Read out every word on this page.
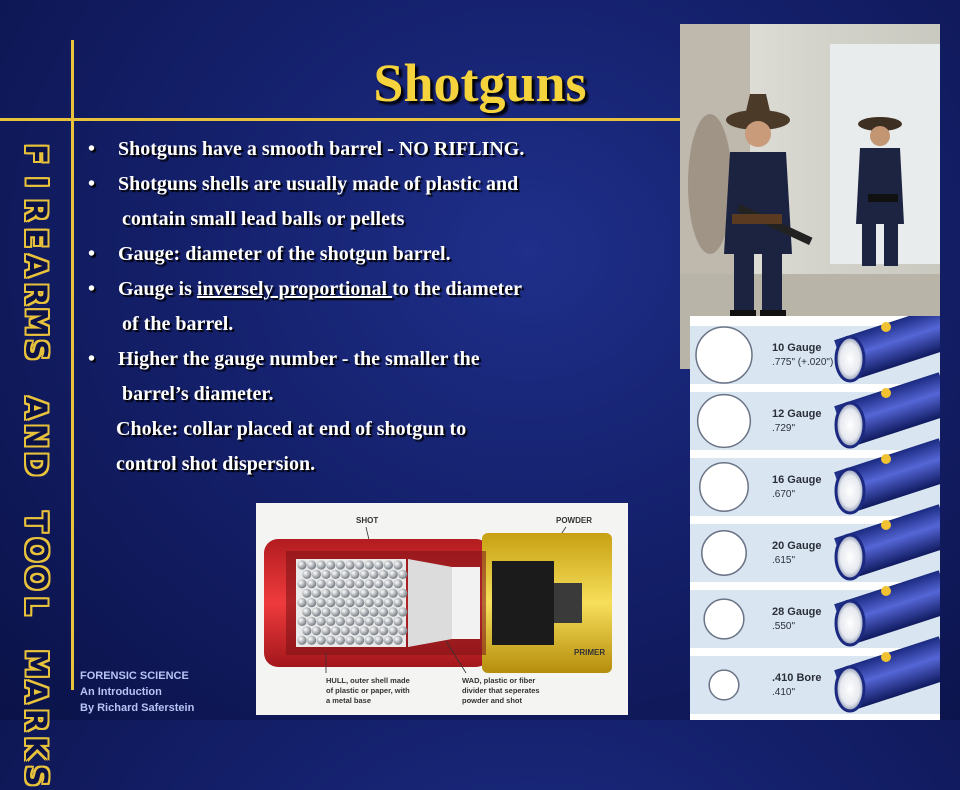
F
I
R
E
A
R
M
S
A
N
D
T
O
O
L
M
A
R
K
S
Shotguns
• Shotguns have a smooth barrel - NO RIFLING.
• Shotguns shells are usually made of plastic and
contain small lead balls or pellets
• Gauge: diameter of the shotgun barrel.
• Gauge is inversely proportional to the diameter
of the barrel.
• Higher the gauge number - the smaller the
barrel’s diameter.
Choke: collar placed at end of shotgun to
control shot dispersion.
FORENSIC SCIENCE
An Introduction
By Richard Saferstein
SHOT	POWDER
PRIMER
HULL, outer shell made of plastic or paper, with a metal base
WAD, plastic or fiber divider that seperates powder and shot
10 Gauge
.775" (+.020")
12 Gauge
.729"
16 Gauge
.670"
20 Gauge
.615"
28 Gauge
.550"
.410 Bore
.410"
